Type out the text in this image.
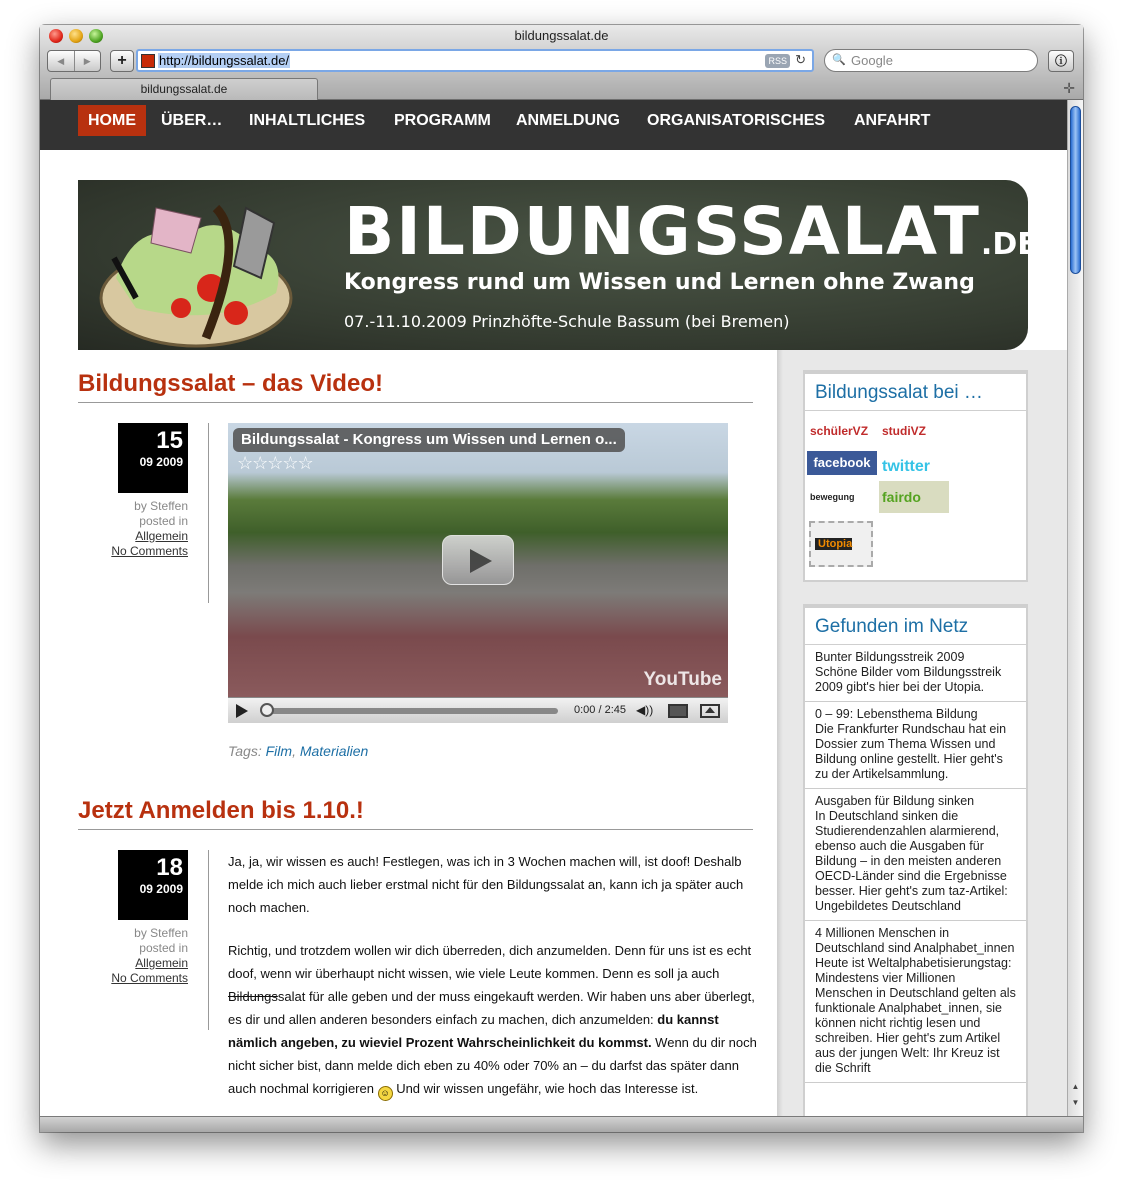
bildungssalat.de
◀	▶	+	http://bildungssalat.de/	RSS ↻ 🔍 Google	ⓘ
bildungssalat.de	✛
HOME	ÜBER…	INHALTLICHES	PROGRAMM	ANMELDUNG	ORGANISATORISCHES	ANFAHRT
BILDUNGSSALAT.DE
Kongress rund um Wissen und Lernen ohne Zwang
07.-11.10.2009 Prinzhöfte-Schule Bassum (bei Bremen)
Bildungssalat – das Video!
15
09 2009
by Steffen
posted in
Allgemein
No Comments
Bildungssalat - Kongress um Wissen und Lernen o...
☆☆☆☆☆
YouTube
0:00 / 2:45 ◀))
Tags: Film, Materialien
Jetzt Anmelden bis 1.10.!
18
09 2009
by Steffen
posted in
Allgemein
No Comments

Ja, ja, wir wissen es auch! Festlegen, was ich in 3 Wochen machen will, ist doof! Deshalb melde ich mich auch lieber erstmal nicht für den Bildungssalat an, kann ich ja später auch noch machen.

Richtig, und trotzdem wollen wir dich überreden, dich anzumelden. Denn für uns ist es echt doof, wenn wir überhaupt nicht wissen, wie viele Leute kommen. Denn es soll ja auch Bildungssalat für alle geben und der muss eingekauft werden. Wir haben uns aber überlegt, es dir und allen anderen besonders einfach zu machen, dich anzumelden: du kannst nämlich angeben, zu wieviel Prozent Wahrscheinlichkeit du kommst. Wenn du dir noch nicht sicher bist, dann melde dich eben zu 40% oder 70% an – du darfst das später dann auch nochmal korrigieren ☺ Und wir wissen ungefähr, wie hoch das Interesse ist.

Bildungssalat bei …
schülerVZ studiVZ
facebook twitter
bewegung fairdo
Utopia
Gefunden im Netz
Bunter Bildungsstreik 2009
Schöne Bilder vom Bildungsstreik 2009 gibt's hier bei der Utopia.
0 – 99: Lebensthema Bildung
Die Frankfurter Rundschau hat ein Dossier zum Thema Wissen und Bildung online gestellt. Hier geht's zu der Artikelsammlung.
Ausgaben für Bildung sinken
In Deutschland sinken die Studierendenzahlen alarmierend, ebenso auch die Ausgaben für Bildung – in den meisten anderen OECD-Länder sind die Ergebnisse besser. Hier geht's zum taz-Artikel: Ungebildetes Deutschland
4 Millionen Menschen in Deutschland sind Analphabet_innen
Heute ist Weltalphabetisierungstag: Mindestens vier Millionen Menschen in Deutschland gelten als funktionale Analphabet_innen, sie können nicht richtig lesen und schreiben. Hier geht's zum Artikel aus der jungen Welt: Ihr Kreuz ist die Schrift
▲
▼
